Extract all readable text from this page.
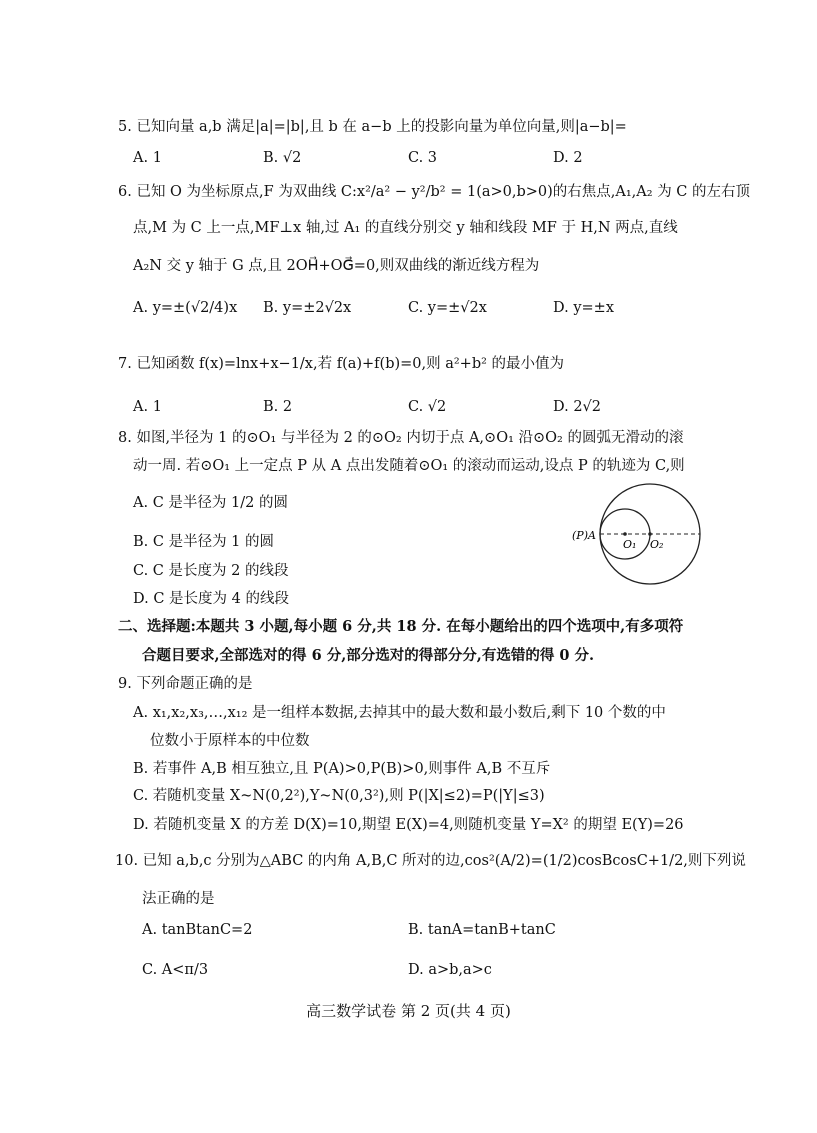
5. 已知向量 a,b 满足|a|=|b|,且 b 在 a−b 上的投影向量为单位向量,则|a−b|=
A. 1	B. √2	C. 3	D. 2
6. 已知 O 为坐标原点,F 为双曲线 C:x²/a² − y²/b² = 1(a>0,b>0)的右焦点,A₁,A₂ 为 C 的左右顶
点,M 为 C 上一点,MF⊥x 轴,过 A₁ 的直线分别交 y 轴和线段 MF 于 H,N 两点,直线
A₂N 交 y 轴于 G 点,且 2OH⃗+OG⃗=0,则双曲线的渐近线方程为
A. y=±(√2/4)x B. y=±2√2x	C. y=±√2x	D. y=±x
7. 已知函数 f(x)=lnx+x−1/x,若 f(a)+f(b)=0,则 a²+b² 的最小值为
A. 1	B. 2	C. √2	D. 2√2
8. 如图,半径为 1 的⊙O₁ 与半径为 2 的⊙O₂ 内切于点 A,⊙O₁ 沿⊙O₂ 的圆弧无滑动的滚
动一周. 若⊙O₁ 上一定点 P 从 A 点出发随着⊙O₁ 的滚动而运动,设点 P 的轨迹为 C,则
A. C 是半径为 1/2 的圆
B. C 是半径为 1 的圆
C. C 是长度为 2 的线段
D. C 是长度为 4 的线段
(P)A
O₁ O₂
二、选择题:本题共 3 小题,每小题 6 分,共 18 分. 在每小题给出的四个选项中,有多项符
合题目要求,全部选对的得 6 分,部分选对的得部分分,有选错的得 0 分.
9. 下列命题正确的是
A. x₁,x₂,x₃,…,x₁₂ 是一组样本数据,去掉其中的最大数和最小数后,剩下 10 个数的中
位数小于原样本的中位数
B. 若事件 A,B 相互独立,且 P(A)>0,P(B)>0,则事件 A,B 不互斥
C. 若随机变量 X~N(0,2²),Y~N(0,3²),则 P(|X|≤2)=P(|Y|≤3)
D. 若随机变量 X 的方差 D(X)=10,期望 E(X)=4,则随机变量 Y=X² 的期望 E(Y)=26
10. 已知 a,b,c 分别为△ABC 的内角 A,B,C 所对的边,cos²(A/2)=(1/2)cosBcosC+1/2,则下列说
法正确的是
A. tanBtanC=2	B. tanA=tanB+tanC
C. A<π/3	D. a>b,a>c
高三数学试卷 第 2 页(共 4 页)
